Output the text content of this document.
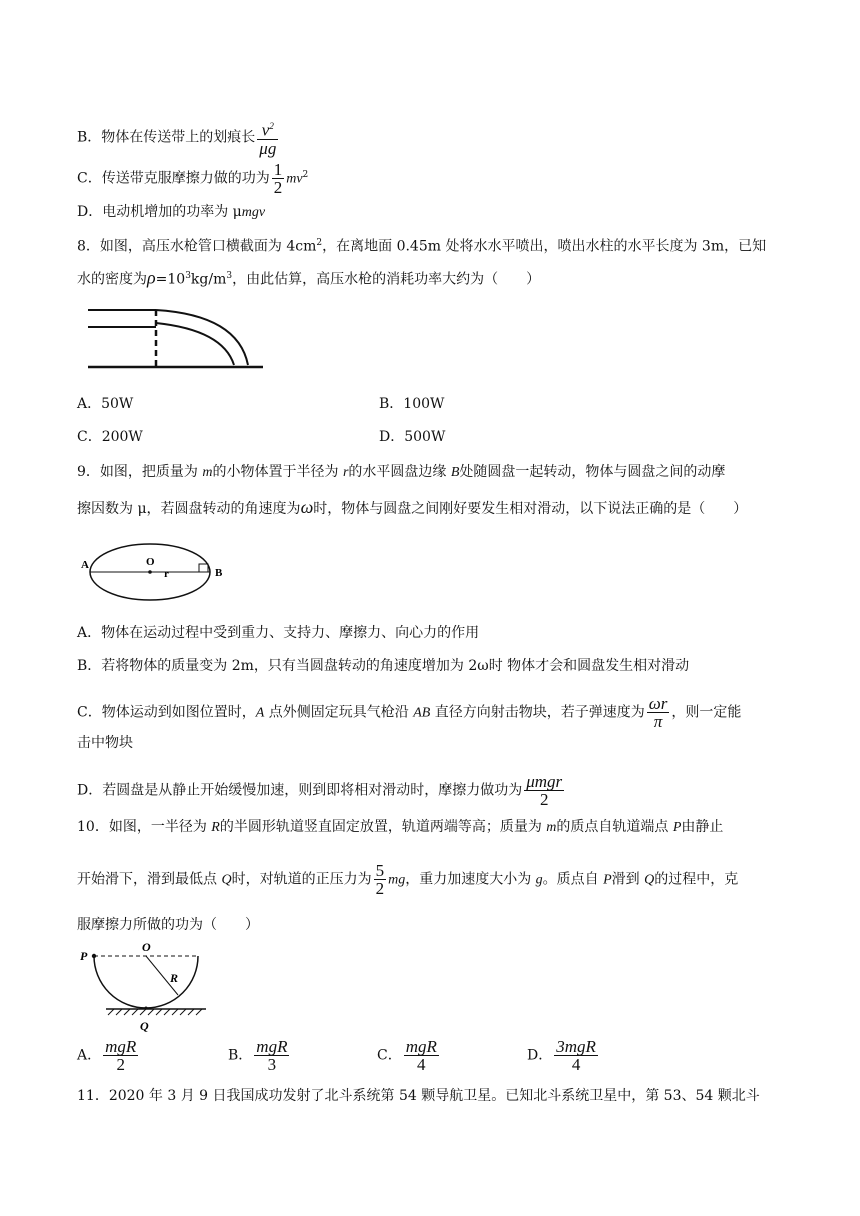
B．物体在传送带上的划痕长 $\frac{v^2}{\mu g}$
C．传送带克服摩擦力做的功为 $\frac{1}{2} mv^2$
D．电动机增加的功率为 μmgv
8．如图，高压水枪管口横截面为 $4cm^2$，在离地面 0.45m 处将水水平喷出，喷出水柱的水平长度为 3m，已知
水的密度为$\rho=10^3kg/m^3$，由此估算，高压水枪的消耗功率大约为（　　）
A．50W	B．100W
C．200W	D．500W
9．如图，把质量为 m的小物体置于半径为 r的水平圆盘边缘 B处随圆盘一起转动，物体与圆盘之间的动摩
擦因数为 μ，若圆盘转动的角速度为ω时，物体与圆盘之间刚好要发生相对滑动，以下说法正确的是（　　）
A	O
r	B
A．物体在运动过程中受到重力、支持力、摩擦力、向心力的作用
B．若将物体的质量变为 2m，只有当圆盘转动的角速度增加为 2ω时 物体才会和圆盘发生相对滑动
C．物体运动到如图位置时，A 点外侧固定玩具气枪沿 AB 直径方向射击物块，若子弹速度为 $\frac{\omega r}{\pi}$ ，则一定能
击中物块
D．若圆盘是从静止开始缓慢加速，则到即将相对滑动时，摩擦力做功为 $\frac{\text{μmgr}}{2}$
10．如图，一半径为 R的半圆形轨道竖直固定放置，轨道两端等高；质量为 m的质点自轨道端点 P由静止
开始滑下，滑到最低点 Q时，对轨道的正压力为 $\frac{5}{2}$ mg，重力加速度大小为 g。质点自 P滑到 Q的过程中，克
服摩擦力所做的功为（　　）
P
O
R
Q
A． $\frac{\text{mgR}}{2}$	B． $\frac{\text{mgR}}{3}$	C． $\frac{\text{mgR}}{4}$	D． $\frac{\text{3mgR}}{4}$
11．2020 年 3 月 9 日我国成功发射了北斗系统第 54 颗导航卫星。已知北斗系统卫星中，第 53、54 颗北斗
